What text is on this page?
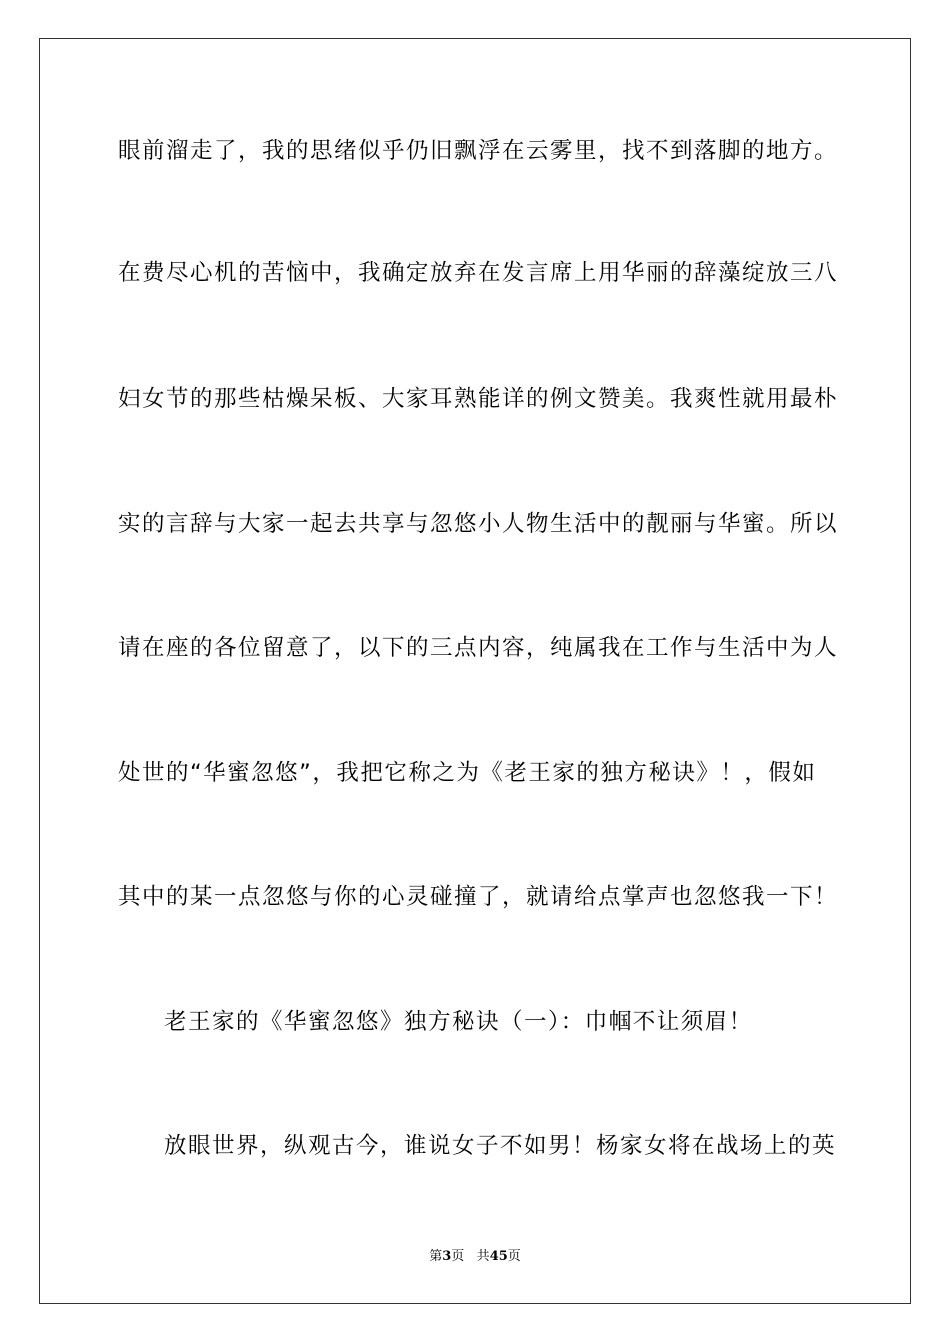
眼前溜走了，我的思绪似乎仍旧飘浮在云雾里，找不到落脚的地方。
在费尽心机的苦恼中，我确定放弃在发言席上用华丽的辞藻绽放三八
妇女节的那些枯燥呆板、大家耳熟能详的例文赞美。我爽性就用最朴
实的言辞与大家一起去共享与忽悠小人物生活中的靓丽与华蜜。所以
请在座的各位留意了，以下的三点内容，纯属我在工作与生活中为人
处世的“华蜜忽悠”，我把它称之为《老王家的独方秘诀》！，假如
其中的某一点忽悠与你的心灵碰撞了，就请给点掌声也忽悠我一下！
老王家的《华蜜忽悠》独方秘诀（一）：巾帼不让须眉！
放眼世界，纵观古今，谁说女子不如男！杨家女将在战场上的英
第3页 共45页
